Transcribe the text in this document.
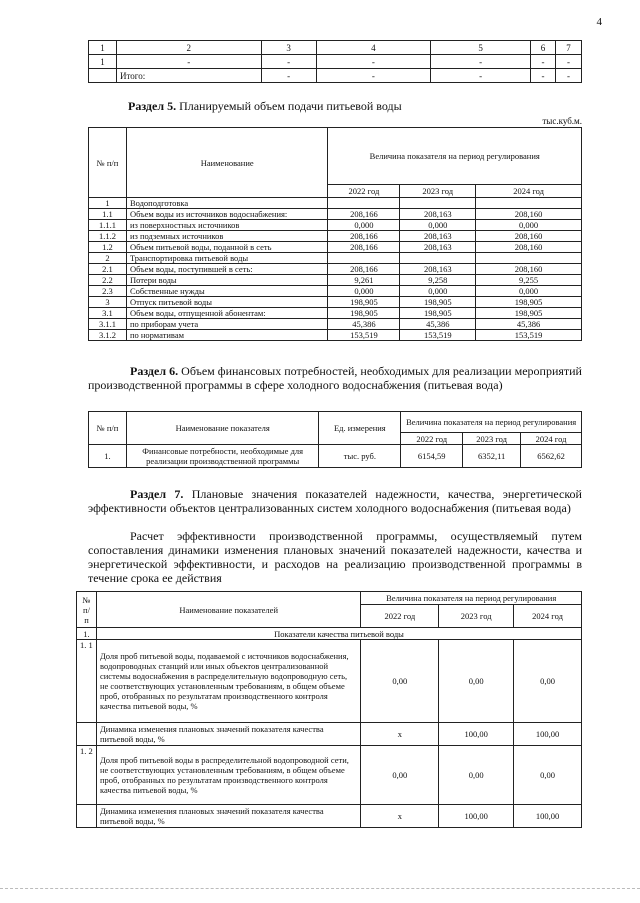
4
1	2	3	4	5	6	7
1	-	-	-	-	-	-
	Итого:	-	-	-	-	-
Раздел 5. Планируемый объем подачи питьевой воды
тыс.куб.м.
№ п/п	Наименование	Величина показателя на период регулирования		
		2022 год	2023 год	2024 год
1	Водоподготовка			
1.1	Объем воды из источников водоснабжения:	208,166	208,163	208,160
1.1.1	из поверхностных источников	0,000	0,000	0,000
1.1.2	из подземных источников	208,166	208,163	208,160
1.2	Объем питьевой воды, поданной в сеть	208,166	208,163	208,160
2	Транспортировка питьевой воды			
2.1	Объем воды, поступившей в сеть:	208,166	208,163	208,160
2.2	Потери воды	9,261	9,258	9,255
2.3	Собственные нужды	0,000	0,000	0,000
3	Отпуск питьевой воды	198,905	198,905	198,905
3.1	Объем воды, отпущенной абонентам:	198,905	198,905	198,905
3.1.1	по приборам учета	45,386	45,386	45,386
3.1.2	по нормативам	153,519	153,519	153,519
Раздел 6. Объем финансовых потребностей, необходимых для реализации мероприятий производственной программы в сфере холодного водоснабжения (питьевая вода)
№ п/п	Наименование показателя	Ед. измерения	Величина показателя на период регулирования		
			2022 год	2023 год	2024 год
1.	Финансовые потребности, необходимые для реализации производственной программы	тыс. руб.	6154,59	6352,11	6562,62
Раздел 7. Плановые значения показателей надежности, качества, энергетической эффективности объектов централизованных систем холодного водоснабжения (питьевая вода)
Расчет эффективности производственной программы, осуществляемый путем сопоставления динамики изменения плановых значений показателей надежности, качества и энергетической эффективности, и расходов на реализацию производственной программы в течение срока ее действия
№ п/ п	Наименование показателей	Величина показателя на период регулирования		
		2022 год	2023 год	2024 год
1.	Показатели качества питьевой воды			
1. 1	Доля проб питьевой воды, подаваемой с источников водоснабжения, водопроводных станций или иных объектов централизованной системы водоснабжения в распределительную водопроводную сеть, не соответствующих установленным требованиям, в общем объеме проб, отобранных по результатам производственного контроля качества питьевой воды, %	0,00	0,00	0,00
	Динамика изменения плановых значений показателя качества питьевой воды, %	х	100,00	100,00
1. 2	Доля проб питьевой воды в распределительной водопроводной сети, не соответствующих установленным требованиям, в общем объеме проб, отобранных по результатам производственного контроля качества питьевой воды, %	0,00	0,00	0,00
	Динамика изменения плановых значений показателя качества питьевой воды, %	х	100,00	100,00
